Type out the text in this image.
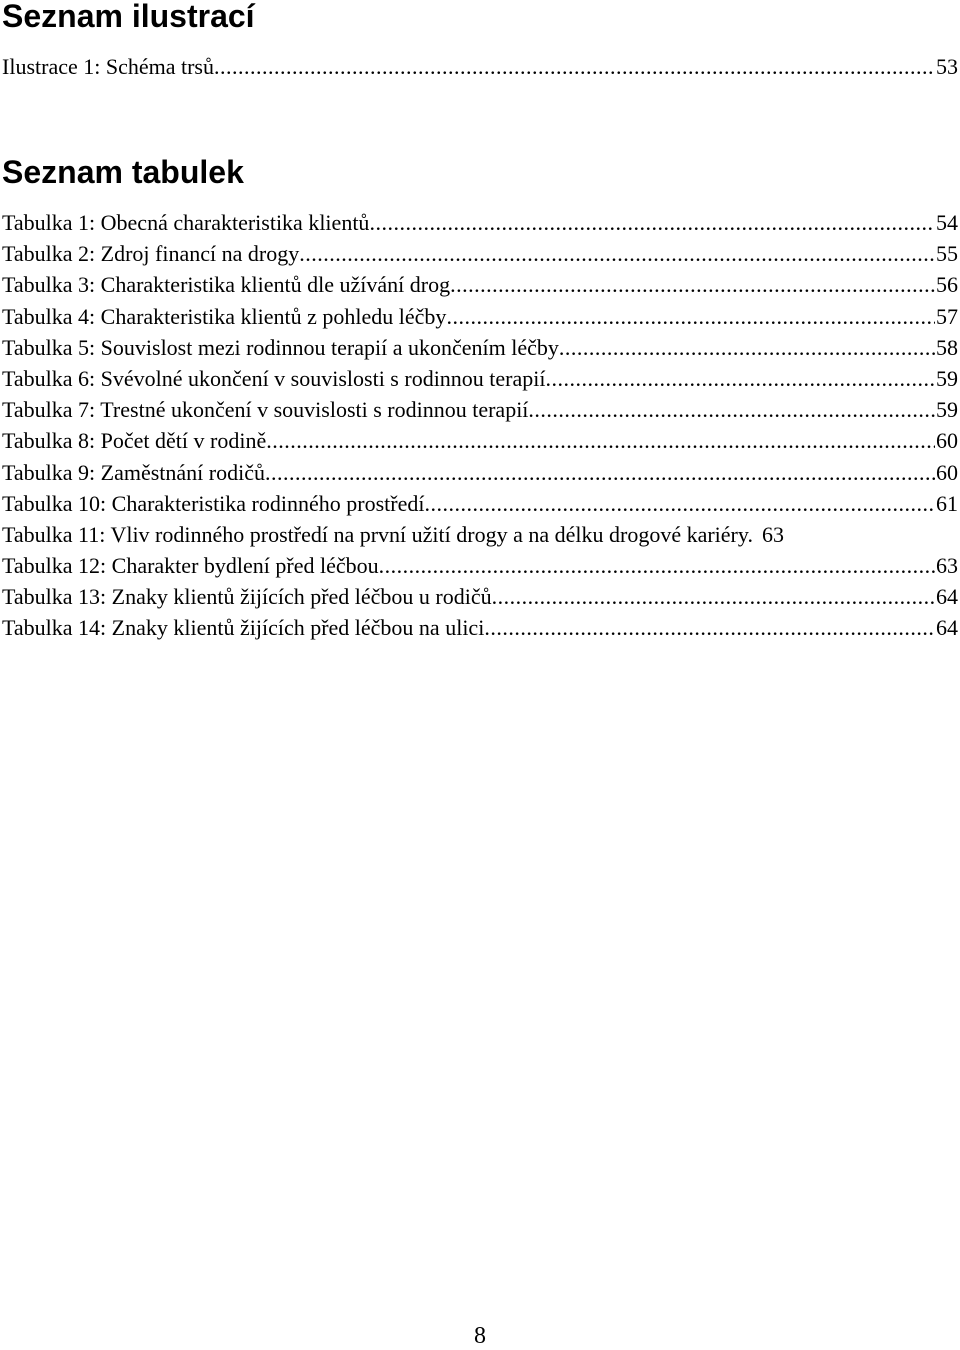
Seznam ilustrací
Ilustrace 1: Schéma trsů .....	53
Seznam tabulek
Tabulka 1: Obecná charakteristika klientů .....	54
Tabulka 2: Zdroj financí na drogy .....	55
Tabulka 3: Charakteristika klientů dle užívání drog .....	56
Tabulka 4: Charakteristika klientů z pohledu léčby .....	57
Tabulka 5: Souvislost mezi rodinnou terapií a ukončením léčby .....	58
Tabulka 6: Svévolné ukončení v souvislosti s rodinnou terapií .....	59
Tabulka 7: Trestné ukončení v souvislosti s rodinnou terapií .....	59
Tabulka 8: Počet dětí v rodině .....	60
Tabulka 9: Zaměstnání rodičů .....	60
Tabulka 10: Charakteristika rodinného prostředí .....	61
Tabulka 11: Vliv rodinného prostředí na první užití drogy a na délku drogové kariéry. 63
Tabulka 12: Charakter bydlení před léčbou .....	63
Tabulka 13: Znaky klientů žijících před léčbou u rodičů .....	64
Tabulka 14: Znaky klientů žijících před léčbou na ulici .....	64
8
